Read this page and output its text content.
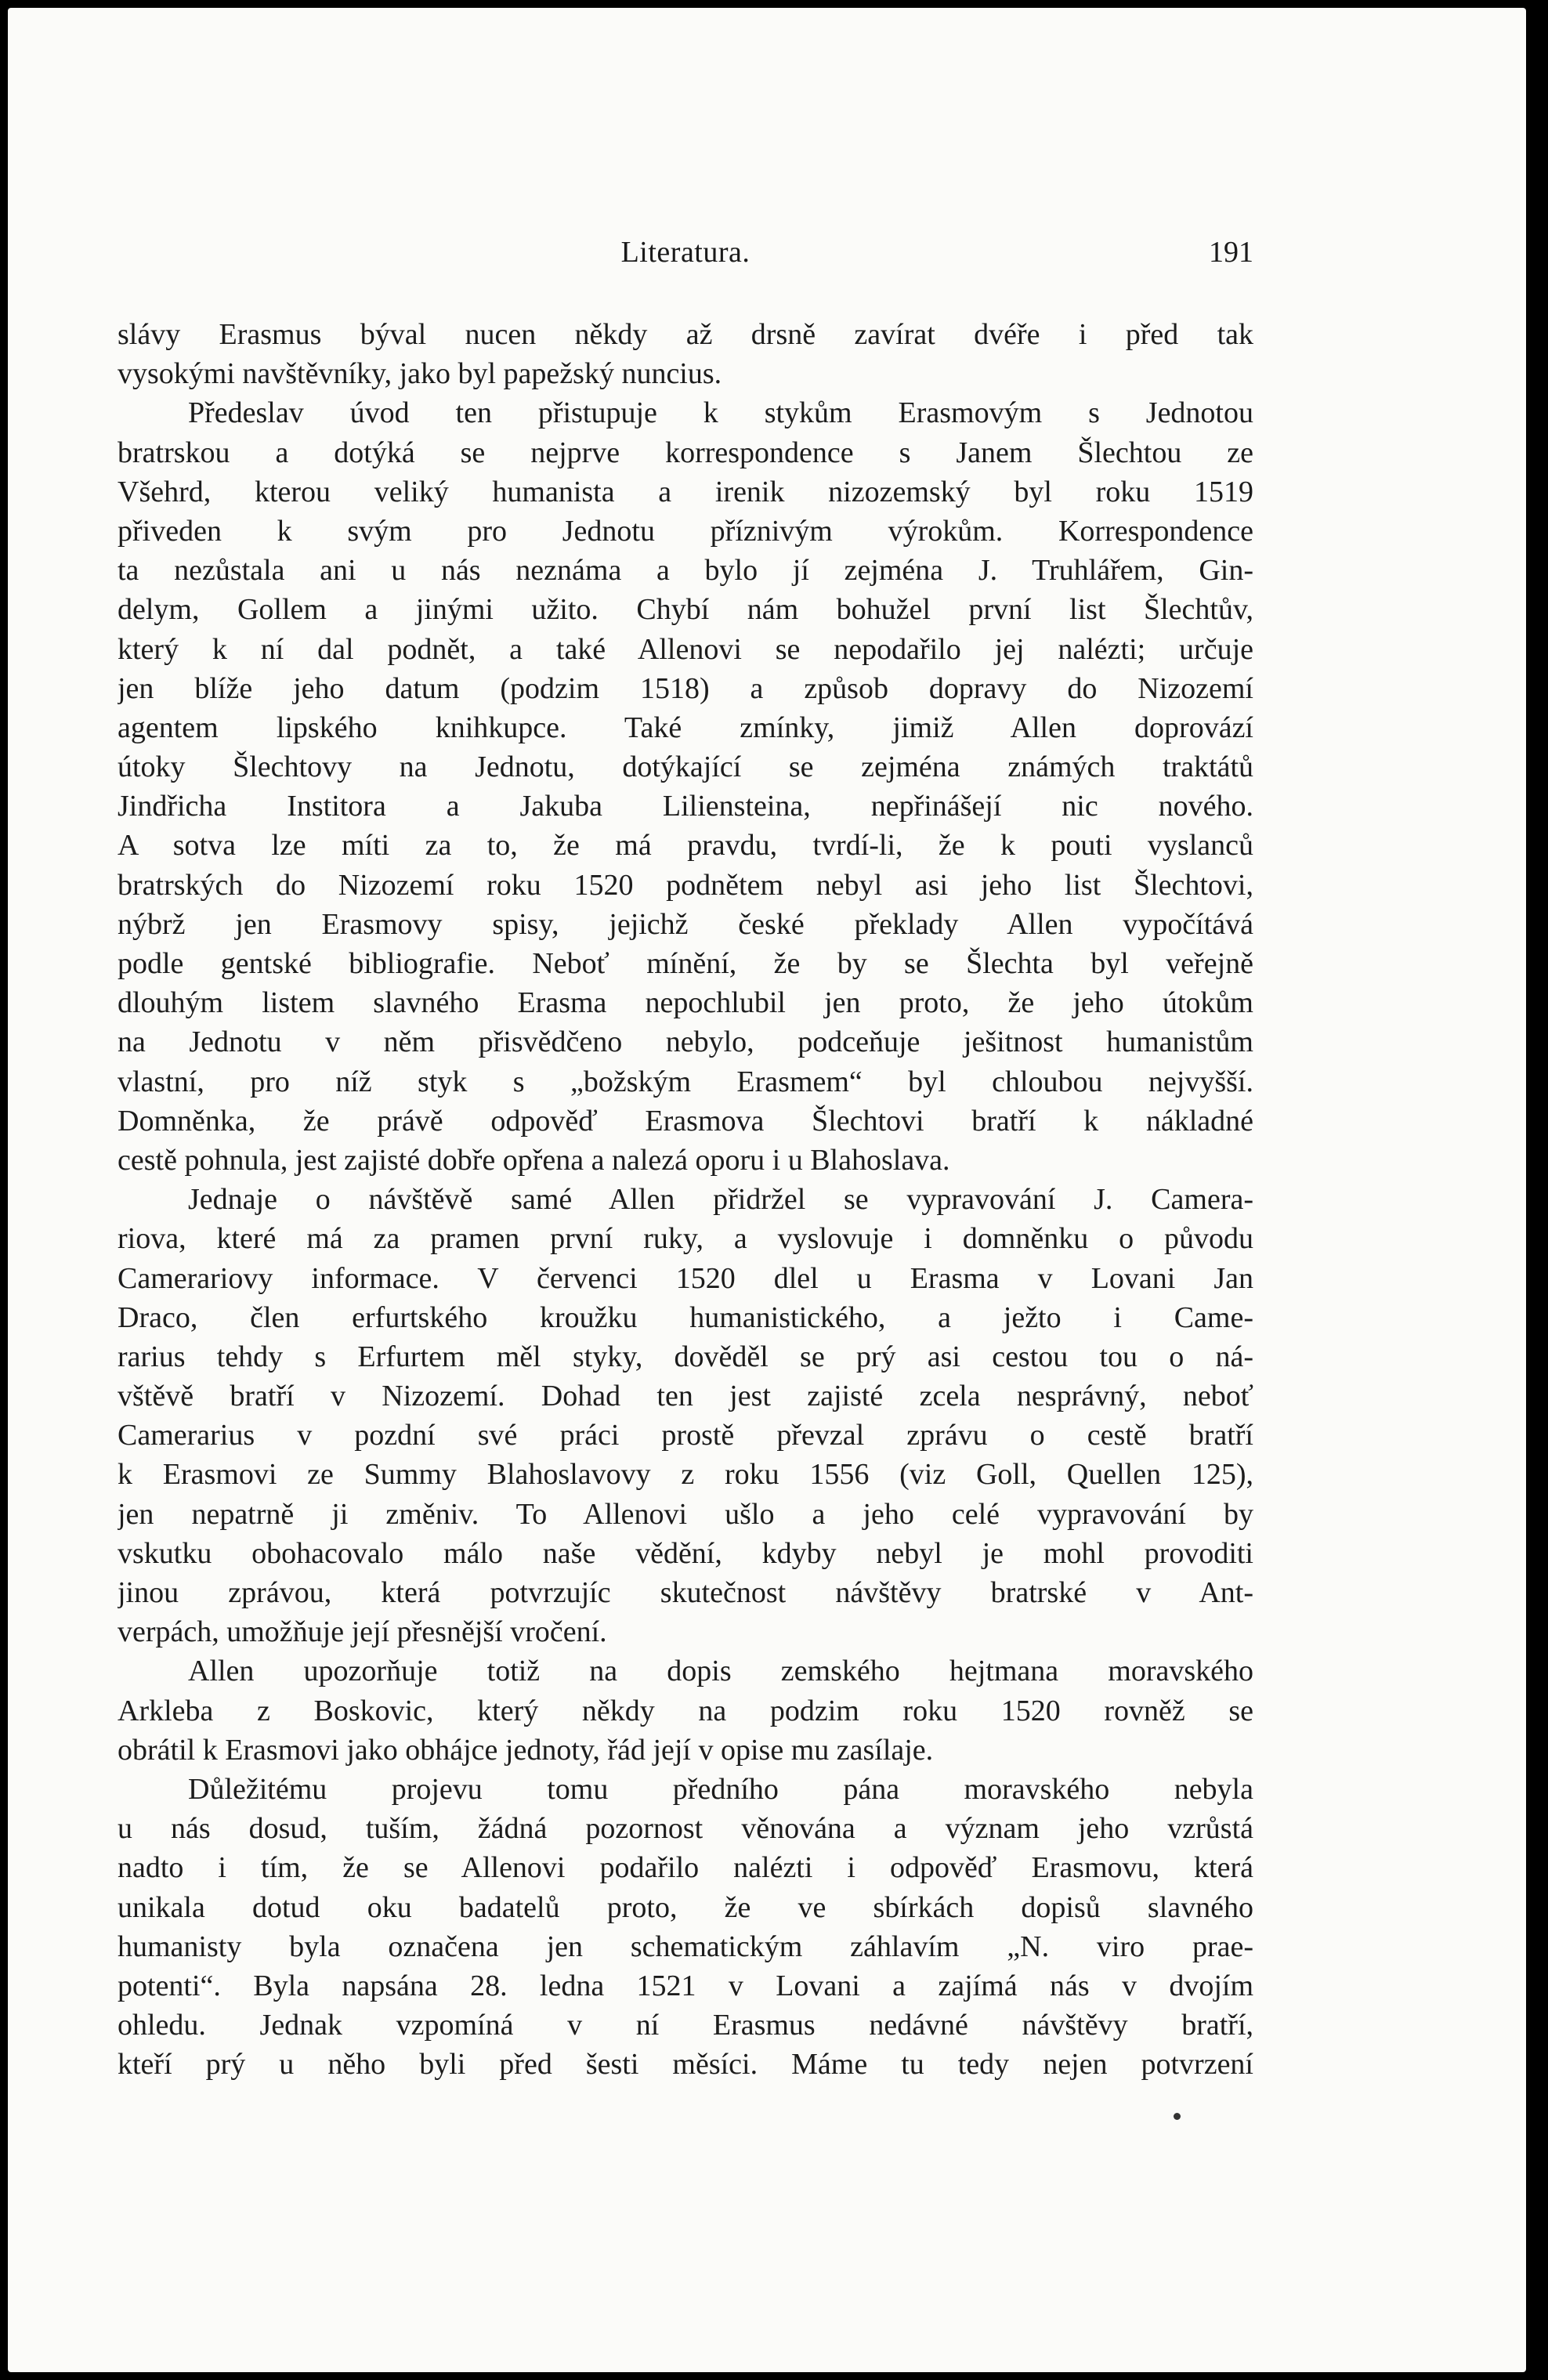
Literatura.	191
slávy Erasmus býval nucen někdy až drsně zavírat dvéře i před tak
vysokými navštěvníky, jako byl papežský nuncius.
Předeslav úvod ten přistupuje k stykům Erasmovým s Jednotou
bratrskou a dotýká se nejprve korrespondence s Janem Šlechtou ze
Všehrd, kterou veliký humanista a irenik nizozemský byl roku 1519
přiveden k svým pro Jednotu příznivým výrokům. Korrespondence
ta nezůstala ani u nás neznáma a bylo jí zejména J. Truhlářem, Gin-
delym, Gollem a jinými užito. Chybí nám bohužel první list Šlechtův,
který k ní dal podnět, a také Allenovi se nepodařilo jej nalézti; určuje
jen blíže jeho datum (podzim 1518) a způsob dopravy do Nizozemí
agentem lipského knihkupce. Také zmínky, jimiž Allen doprovází
útoky Šlechtovy na Jednotu, dotýkající se zejména známých traktátů
Jindřicha Institora a Jakuba Liliensteina, nepřinášejí nic nového.
A sotva lze míti za to, že má pravdu, tvrdí-li, že k pouti vyslanců
bratrských do Nizozemí roku 1520 podnětem nebyl asi jeho list Šlechtovi,
nýbrž jen Erasmovy spisy, jejichž české překlady Allen vypočítává
podle gentské bibliografie. Neboť mínění, že by se Šlechta byl veřejně
dlouhým listem slavného Erasma nepochlubil jen proto, že jeho útokům
na Jednotu v něm přisvědčeno nebylo, podceňuje ješitnost humanistům
vlastní, pro níž styk s „božským Erasmem“ byl chloubou nejvyšší.
Domněnka, že právě odpověď Erasmova Šlechtovi bratří k nákladné
cestě pohnula, jest zajisté dobře opřena a nalezá oporu i u Blahoslava.
Jednaje o návštěvě samé Allen přidržel se vypravování J. Camera-
riova, které má za pramen první ruky, a vyslovuje i domněnku o původu
Camerariovy informace. V červenci 1520 dlel u Erasma v Lovani Jan
Draco, člen erfurtského kroužku humanistického, a ježto i Came-
rarius tehdy s Erfurtem měl styky, dověděl se prý asi cestou tou o ná-
vštěvě bratří v Nizozemí. Dohad ten jest zajisté zcela nesprávný, neboť
Camerarius v pozdní své práci prostě převzal zprávu o cestě bratří
k Erasmovi ze Summy Blahoslavovy z roku 1556 (viz Goll, Quellen 125),
jen nepatrně ji změniv. To Allenovi ušlo a jeho celé vypravování by
vskutku obohacovalo málo naše vědění, kdyby nebyl je mohl provoditi
jinou zprávou, která potvrzujíc skutečnost návštěvy bratrské v Ant-
verpách, umožňuje její přesnější vročení.
Allen upozorňuje totiž na dopis zemského hejtmana moravského
Arkleba z Boskovic, který někdy na podzim roku 1520 rovněž se
obrátil k Erasmovi jako obhájce jednoty, řád její v opise mu zasílaje.
Důležitému projevu tomu předního pána moravského nebyla
u nás dosud, tuším, žádná pozornost věnována a význam jeho vzrůstá
nadto i tím, že se Allenovi podařilo nalézti i odpověď Erasmovu, která
unikala dotud oku badatelů proto, že ve sbírkách dopisů slavného
humanisty byla označena jen schematickým záhlavím „N. viro prae-
potenti“. Byla napsána 28. ledna 1521 v Lovani a zajímá nás v dvojím
ohledu. Jednak vzpomíná v ní Erasmus nedávné návštěvy bratří,
kteří prý u něho byli před šesti měsíci. Máme tu tedy nejen potvrzení
